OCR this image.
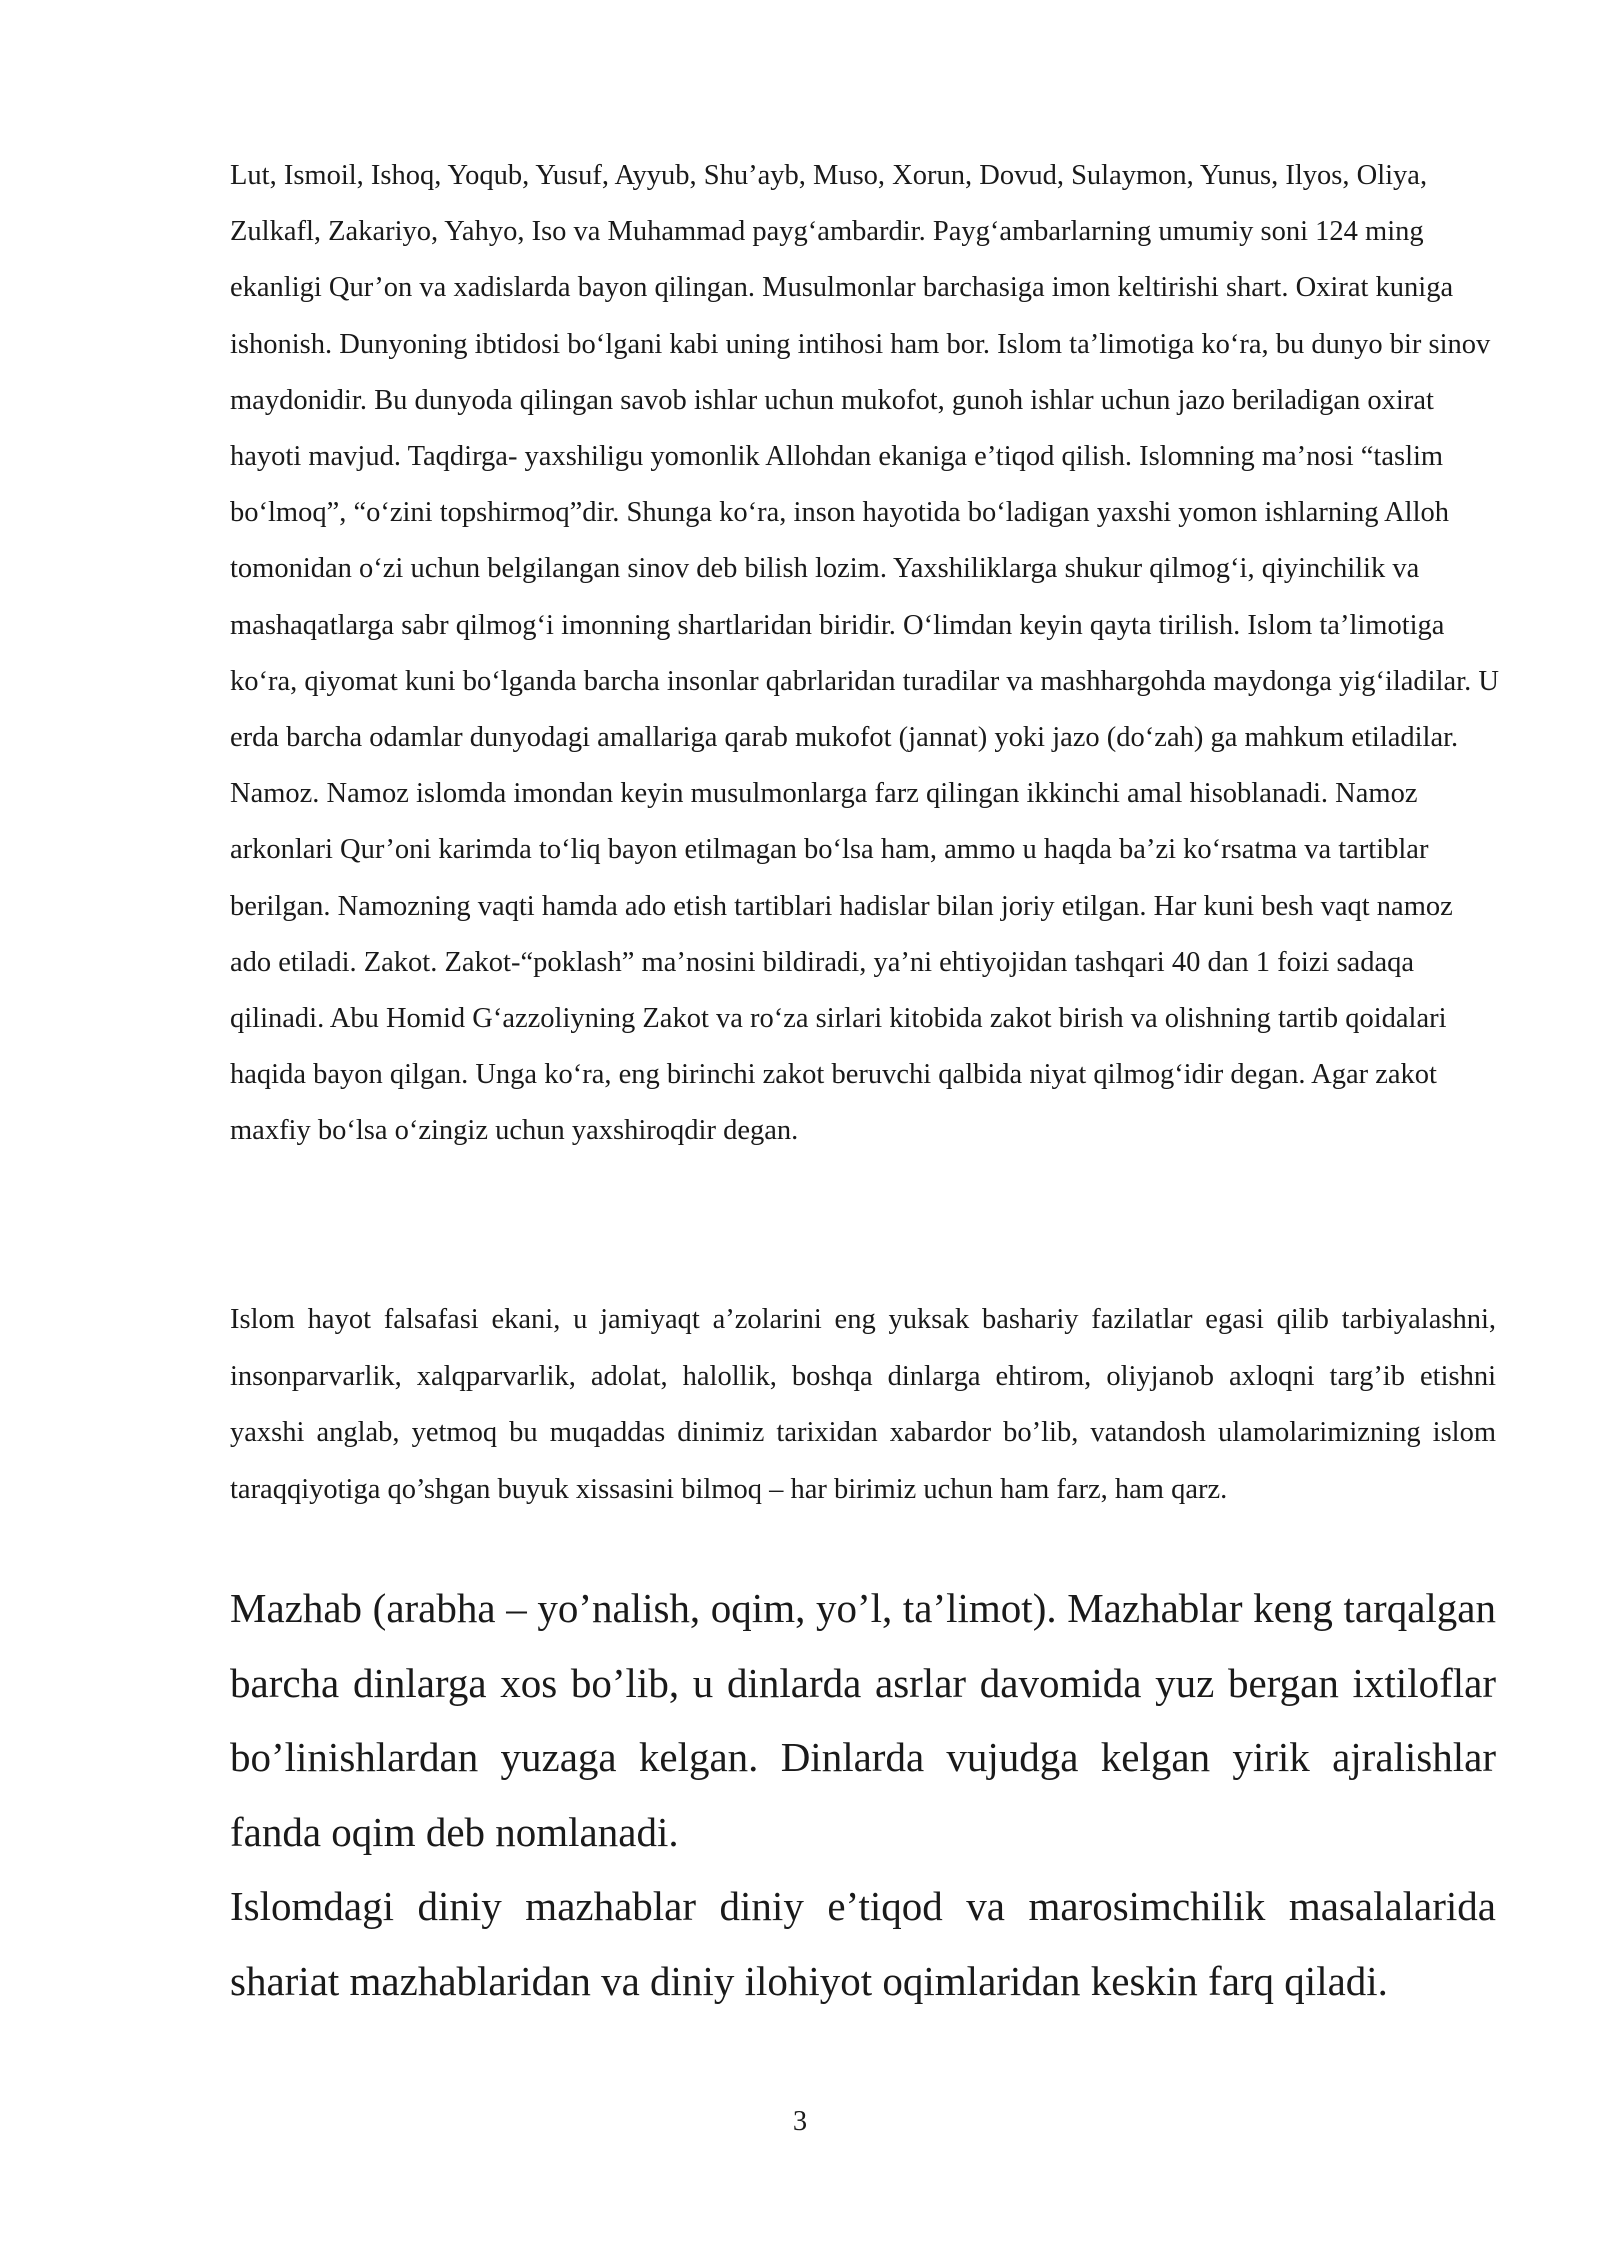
Lut, Ismoil, Ishoq, Yoqub, Yusuf, Ayyub, Shu’ayb, Muso, Xorun, Dovud, Sulaymon, Yunus, Ilyos, Oliya, Zulkafl, Zakariyo, Yahyo, Iso va Muhammad payg‘ambardir. Payg‘ambarlarning umumiy soni 124 ming ekanligi Qur’on va xadislarda bayon qilingan. Musulmonlar barchasiga imon keltirishi shart. Oxirat kuniga ishonish. Dunyoning ibtidosi bo‘lgani kabi uning intihosi ham bor. Islom ta’limotiga ko‘ra, bu dunyo bir sinov maydonidir. Bu dunyoda qilingan savob ishlar uchun mukofot, gunoh ishlar uchun jazo beriladigan oxirat hayoti mavjud. Taqdirga- yaxshiligu yomonlik Allohdan ekaniga e’tiqod qilish. Islomning ma’nosi “taslim bo‘lmoq”, “o‘zini topshirmoq”dir. Shunga ko‘ra, inson hayotida bo‘ladigan yaxshi yomon ishlarning Alloh tomonidan o‘zi uchun belgilangan sinov deb bilish lozim. Yaxshiliklarga shukur qilmog‘i, qiyinchilik va mashaqatlarga sabr qilmog‘i imonning shartlaridan biridir. O‘limdan keyin qayta tirilish. Islom ta’limotiga ko‘ra, qiyomat kuni bo‘lganda barcha insonlar qabrlaridan turadilar va mashhargohda maydonga yig‘iladilar. U erda barcha odamlar dunyodagi amallariga qarab mukofot (jannat) yoki jazo (do‘zah) ga mahkum etiladilar. Namoz. Namoz islomda imondan keyin musulmonlarga farz qilingan ikkinchi amal hisoblanadi. Namoz arkonlari Qur’oni karimda to‘liq bayon etilmagan bo‘lsa ham, ammo u haqda ba’zi ko‘rsatma va tartiblar berilgan. Namozning vaqti hamda ado etish tartiblari hadislar bilan joriy etilgan. Har kuni besh vaqt namoz ado etiladi. Zakot. Zakot-“poklash” ma’nosini bildiradi, ya’ni ehtiyojidan tashqari 40 dan 1 foizi sadaqa qilinadi. Abu Homid G‘azzoliyning Zakot va ro‘za sirlari kitobida zakot birish va olishning tartib qoidalari haqida bayon qilgan. Unga ko‘ra, eng birinchi zakot beruvchi qalbida niyat qilmog‘idir degan. Agar zakot maxfiy bo‘lsa o‘zingiz uchun yaxshiroqdir degan.

Islom hayot falsafasi ekani, u jamiyaqt a’zolarini eng yuksak bashariy fazilatlar egasi qilib tarbiyalashni, insonparvarlik, xalqparvarlik, adolat, halollik, boshqa dinlarga ehtirom, oliyjanob axloqni targ’ib etishni yaxshi anglab, yetmoq bu muqaddas dinimiz tarixidan xabardor bo’lib, vatandosh ulamolarimizning islom taraqqiyotiga qo’shgan buyuk xissasini bilmoq – har birimiz uchun ham farz, ham qarz.

Mazhab (arabha – yo’nalish, oqim, yo’l, ta’limot). Mazhablar keng tarqalgan barcha dinlarga xos bo’lib, u dinlarda asrlar davomida yuz bergan ixtiloflar bo’linishlardan yuzaga kelgan. Dinlarda vujudga kelgan yirik ajralishlar fanda oqim deb nomlanadi.

Islomdagi diniy mazhablar diniy e’tiqod va marosimchilik masalalarida shariat mazhablaridan va diniy ilohiyot oqimlaridan keskin farq qiladi.

3
